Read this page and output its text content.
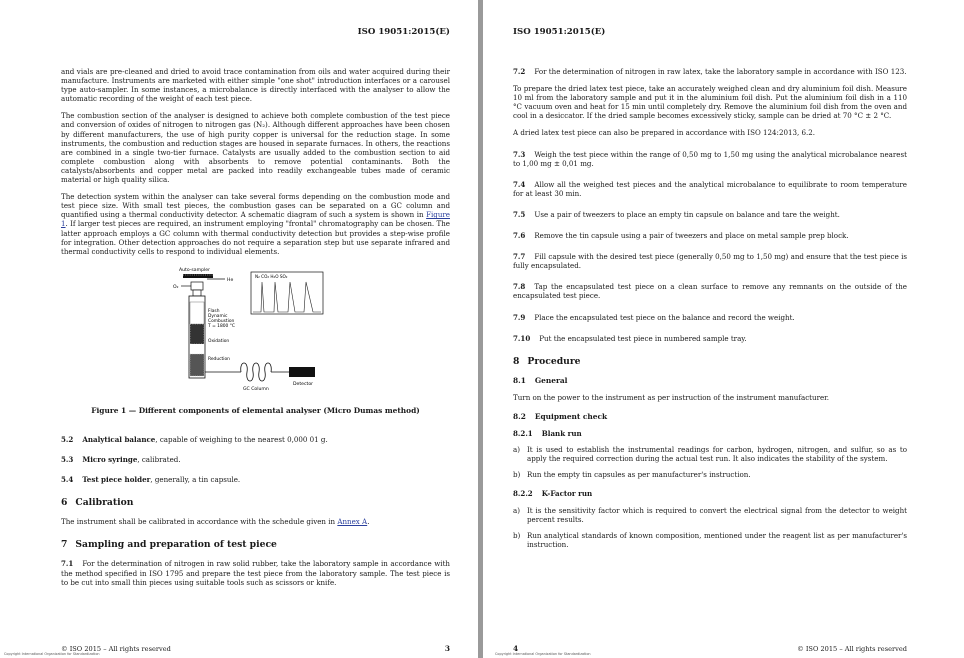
ISO 19051:2015(E)

and vials are pre-cleaned and dried to avoid trace contamination from oils and water acquired during their manufacture. Instruments are marketed with either simple "one shot" introduction interfaces or a carousel type auto-sampler. In some instances, a microbalance is directly interfaced with the analyser to allow the automatic recording of the weight of each test piece.

The combustion section of the analyser is designed to achieve both complete combustion of the test piece and conversion of oxides of nitrogen to nitrogen gas (N₂). Although different approaches have been chosen by different manufacturers, the use of high purity copper is universal for the reduction stage. In some instruments, the combustion and reduction stages are housed in separate furnaces. In others, the reactions are combined in a single two-tier furnace. Catalysts are usually added to the combustion section to aid complete combustion along with absorbents to remove potential contaminants. Both the catalysts/absorbents and copper metal are packed into readily exchangeable tubes made of ceramic material or high quality silica.

The detection system within the analyser can take several forms depending on the combustion mode and test piece size. With small test pieces, the combustion gases can be separated on a GC column and quantified using a thermal conductivity detector. A schematic diagram of such a system is shown in Figure 1. If larger test pieces are required, an instrument employing "frontal" chromatography can be chosen. The latter approach employs a GC column with thermal conductivity detection but provides a step-wise profile for integration. Other detection approaches do not require a separation step but use separate infrared and thermal conductivity cells to respond to individual elements.

Auto-sampler
He
O₂
Flash
Dynamic
Combustion
T = 1800 °C
Oxidation
Reduction
N₂ CO₂ H₂O SO₂
GC Column
Detector
Figure 1 — Different components of elemental analyser (Micro Dumas method)
5.2 Analytical balance, capable of weighing to the nearest 0,000 01 g.
5.3 Micro syringe, calibrated.
5.4 Test piece holder, generally, a tin capsule.
6 Calibration

The instrument shall be calibrated in accordance with the schedule given in Annex A.

7 Sampling and preparation of test piece

7.1 For the determination of nitrogen in raw solid rubber, take the laboratory sample in accordance with the method specified in ISO 1795 and prepare the test piece from the laboratory sample. The test piece is to be cut into small thin pieces using suitable tools such as scissors or knife.

© ISO 2015 – All rights reserved
Copyright International Organization for Standardization
3
ISO 19051:2015(E)

7.2 For the determination of nitrogen in raw latex, take the laboratory sample in accordance with ISO 123.

To prepare the dried latex test piece, take an accurately weighed clean and dry aluminium foil dish. Measure 10 ml from the laboratory sample and put it in the aluminium foil dish. Put the aluminium foil dish in a 110 °C vacuum oven and heat for 15 min until completely dry. Remove the aluminium foil dish from the oven and cool in a desiccator. If the dried sample becomes excessively sticky, sample can be dried at 70 °C ± 2 °C.

A dried latex test piece can also be prepared in accordance with ISO 124:2013, 6.2.

7.3 Weigh the test piece within the range of 0,50 mg to 1,50 mg using the analytical microbalance nearest to 1,00 mg ± 0,01 mg.

7.4 Allow all the weighed test pieces and the analytical microbalance to equilibrate to room temperature for at least 30 min.

7.5 Use a pair of tweezers to place an empty tin capsule on balance and tare the weight.

7.6 Remove the tin capsule using a pair of tweezers and place on metal sample prep block.

7.7 Fill capsule with the desired test piece (generally 0,50 mg to 1,50 mg) and ensure that the test piece is fully encapsulated.

7.8 Tap the encapsulated test piece on a clean surface to remove any remnants on the outside of the encapsulated test piece.

7.9 Place the encapsulated test piece on the balance and record the weight.

7.10 Put the encapsulated test piece in numbered sample tray.

8 Procedure
8.1 General

Turn on the power to the instrument as per instruction of the instrument manufacturer.

8.2 Equipment check
8.2.1 Blank run
a) It is used to establish the instrumental readings for carbon, hydrogen, nitrogen, and sulfur, so as to apply the required correction during the actual test run. It also indicates the stability of the system.
b) Run the empty tin capsules as per manufacturer's instruction.
8.2.2 K-Factor run
a) It is the sensitivity factor which is required to convert the electrical signal from the detector to weight percent results.
b) Run analytical standards of known composition, mentioned under the reagent list as per manufacturer's instruction.
4
Copyright International Organization for Standardization
© ISO 2015 – All rights reserved
